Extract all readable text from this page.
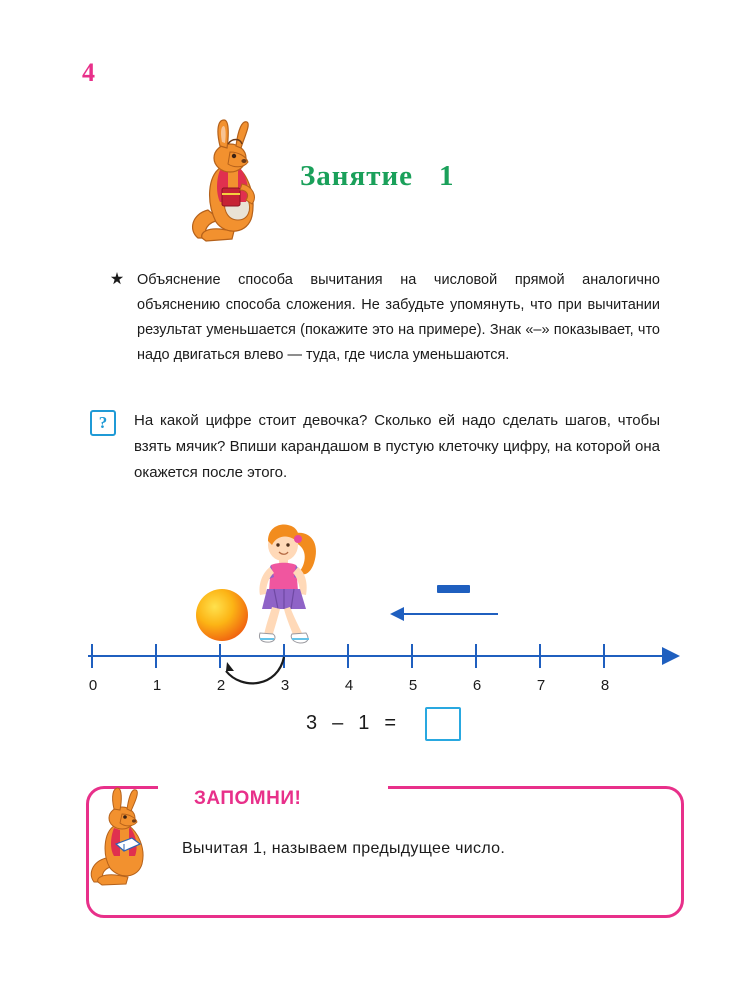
4
Занятие 1
Объяснение способа вычитания на числовой прямой аналогично объяснению способа сложения. Не забудьте упомянуть, что при вычитании результат уменьшается (покажите это на примере). Знак «–» показывает, что надо двигаться влево — туда, где числа уменьшаются.
?	На какой цифре стоит девочка? Сколько ей надо сделать шагов, чтобы взять мячик? Впиши карандашом в пустую клеточку цифру, на которой она окажется после этого.
0	1	2	3	4	5	6	7	8
3 – 1 =
ЗАПОМНИ!
Вычитая 1, называем предыдущее число.
